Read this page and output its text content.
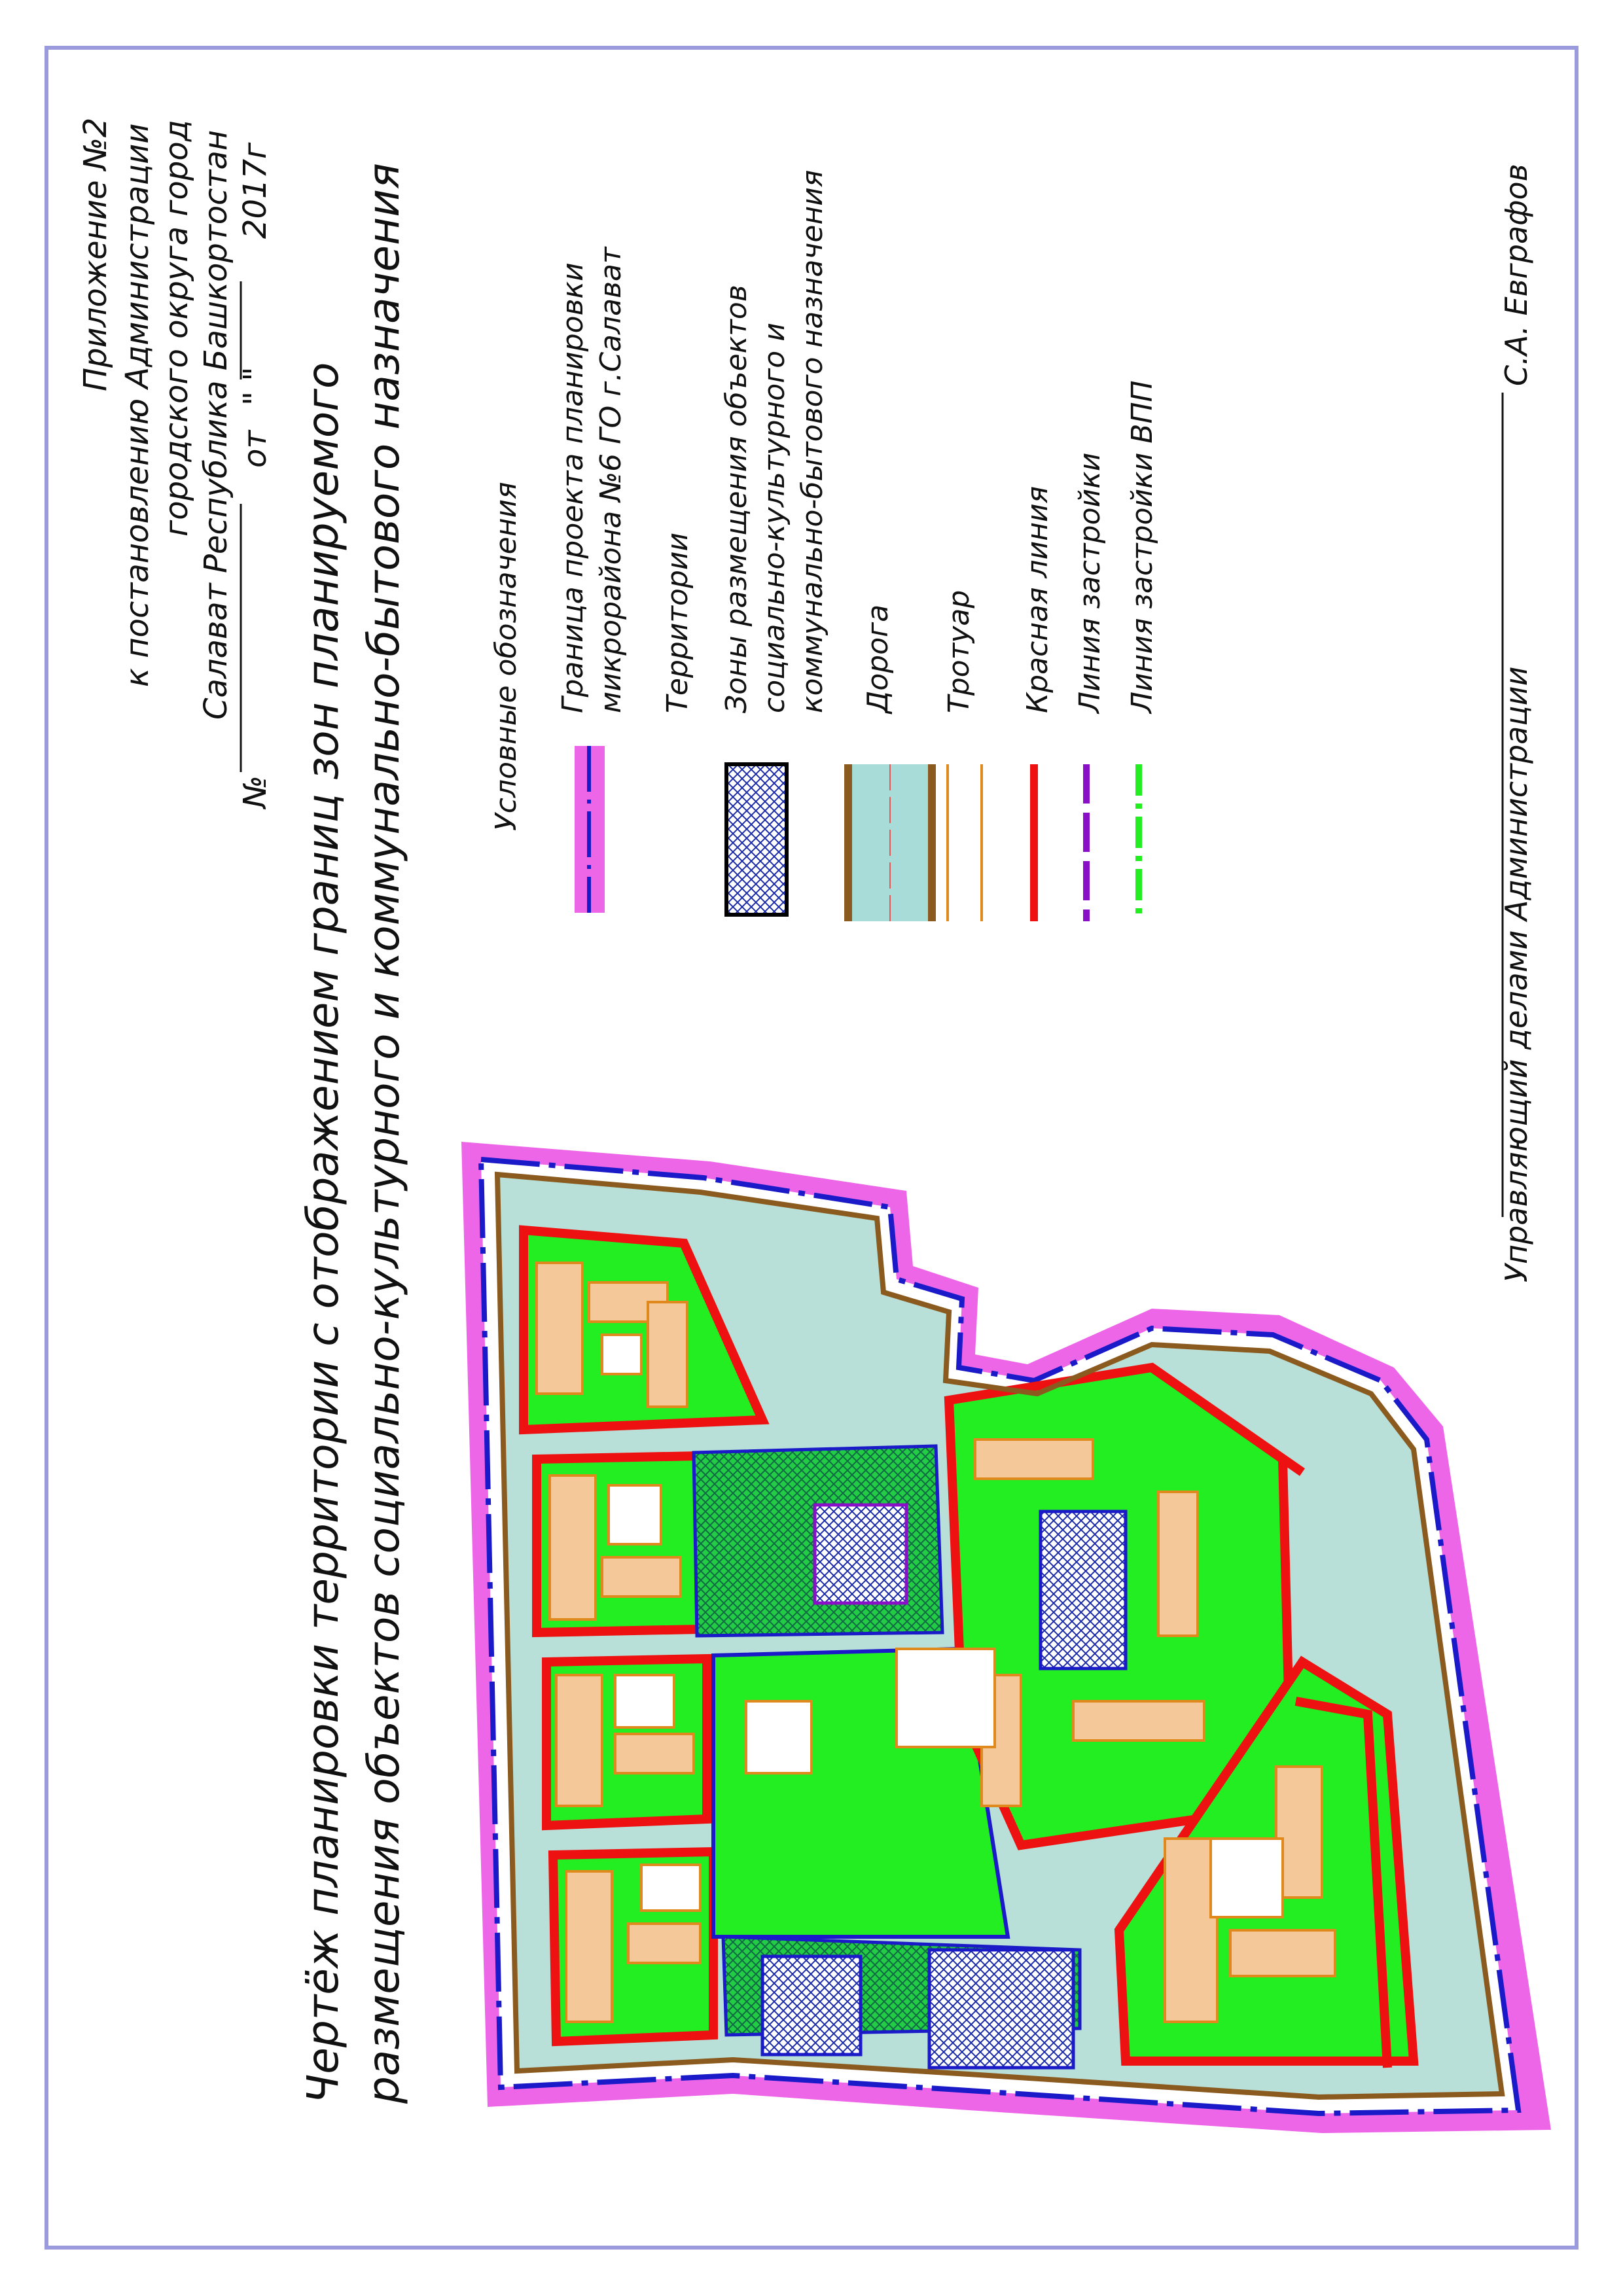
Приложение №2 к постановлению Администрации городского округа город Салават Республика Башкортостан
№
от
" "
2017г
Чертёж планировки территории с отображением границ зон планируемого размещения объектов социально-культурного и коммунально-бытового назначения	Условные обозначения Граница проекта планировки микрорайона №6 ГО г.Салават Территории Зоны размещения объектов социально-культурного и коммунально-бытового назначения Дорога Тротуар Красная линия Линия застройки Линия застройки ВПП
Управляющий делами Администрации
С.А. Евграфов
